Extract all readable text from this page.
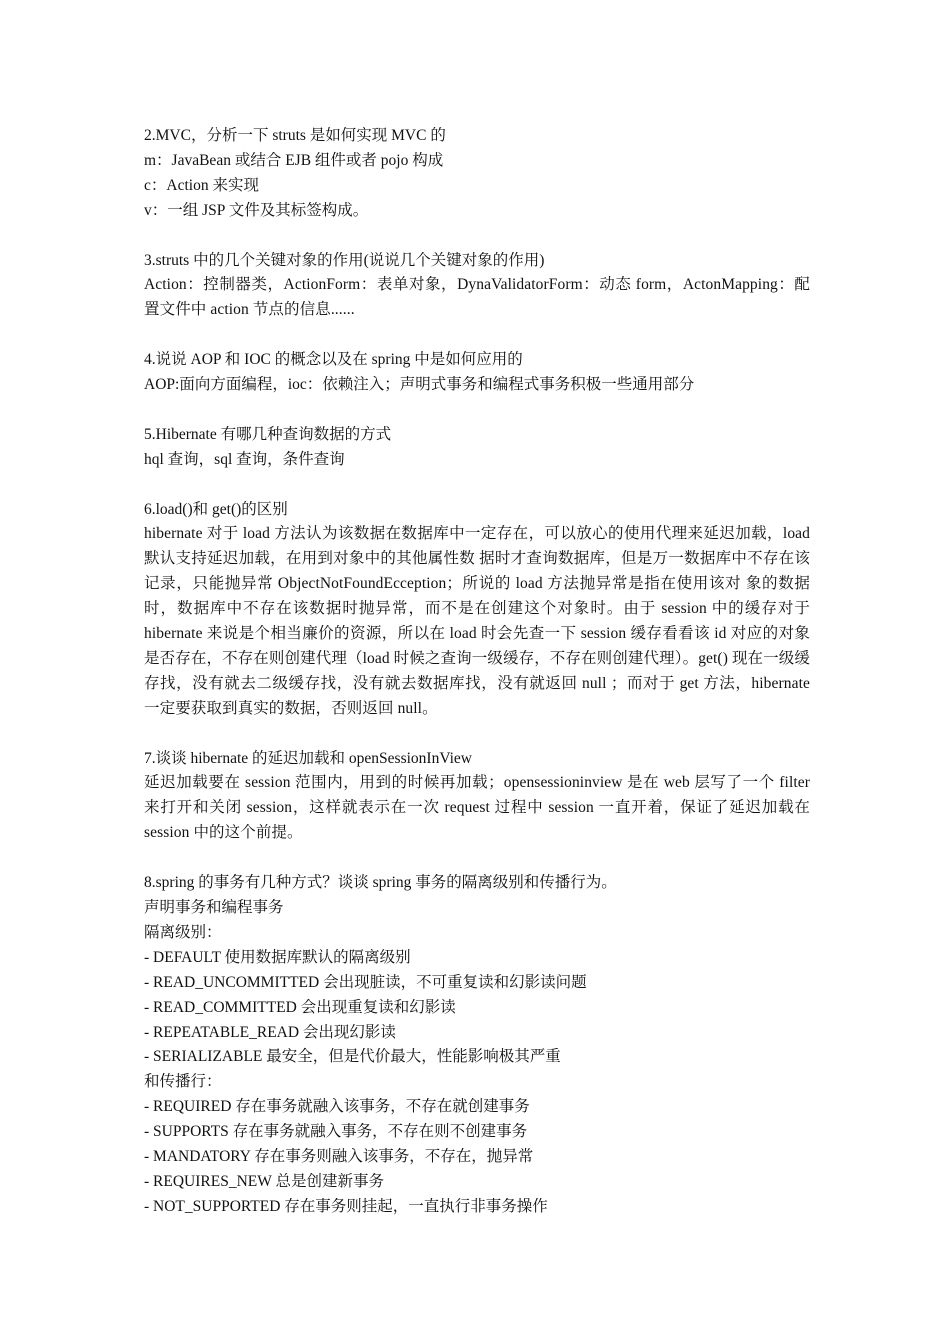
2.MVC，分析一下 struts 是如何实现 MVC 的
m：JavaBean 或结合 EJB 组件或者 pojo 构成
c：Action 来实现
v：一组 JSP 文件及其标签构成。
3.struts 中的几个关键对象的作用(说说几个关键对象的作用)
Action：控制器类，ActionForm：表单对象，DynaValidatorForm：动态 form，ActonMapping：配置文件中 action 节点的信息......
4.说说 AOP 和 IOC 的概念以及在 spring 中是如何应用的
AOP:面向方面编程，ioc：依赖注入；声明式事务和编程式事务积极一些通用部分
5.Hibernate 有哪几种查询数据的方式
hql 查询，sql 查询，条件查询
6.load()和 get()的区别
hibernate 对于 load 方法认为该数据在数据库中一定存在，可以放心的使用代理来延迟加载，load 默认支持延迟加载，在用到对象中的其他属性数 据时才查询数据库，但是万一数据库中不存在该记录，只能抛异常 ObjectNotFoundEcception；所说的 load 方法抛异常是指在使用该对 象的数据时，数据库中不存在该数据时抛异常，而不是在创建这个对象时。由于 session 中的缓存对于 hibernate 来说是个相当廉价的资源，所以在 load 时会先查一下 session 缓存看看该 id 对应的对象是否存在，不存在则创建代理（load 时候之查询一级缓存，不存在则创建代理）。get() 现在一级缓存找，没有就去二级缓存找，没有就去数据库找，没有就返回 null ；而对于 get 方法，hibernate 一定要获取到真实的数据，否则返回 null。
7.谈谈 hibernate 的延迟加载和 openSessionInView
延迟加载要在 session 范围内，用到的时候再加载；opensessioninview 是在 web 层写了一个 filter 来打开和关闭 session，这样就表示在一次 request 过程中 session 一直开着，保证了延迟加载在 session 中的这个前提。
8.spring 的事务有几种方式？谈谈 spring 事务的隔离级别和传播行为。
声明事务和编程事务
隔离级别：
- DEFAULT 使用数据库默认的隔离级别
- READ_UNCOMMITTED 会出现脏读，不可重复读和幻影读问题
- READ_COMMITTED 会出现重复读和幻影读
- REPEATABLE_READ 会出现幻影读
- SERIALIZABLE 最安全，但是代价最大，性能影响极其严重
和传播行：
- REQUIRED 存在事务就融入该事务，不存在就创建事务
- SUPPORTS 存在事务就融入事务，不存在则不创建事务
- MANDATORY 存在事务则融入该事务，不存在，抛异常
- REQUIRES_NEW 总是创建新事务
- NOT_SUPPORTED 存在事务则挂起，一直执行非事务操作
